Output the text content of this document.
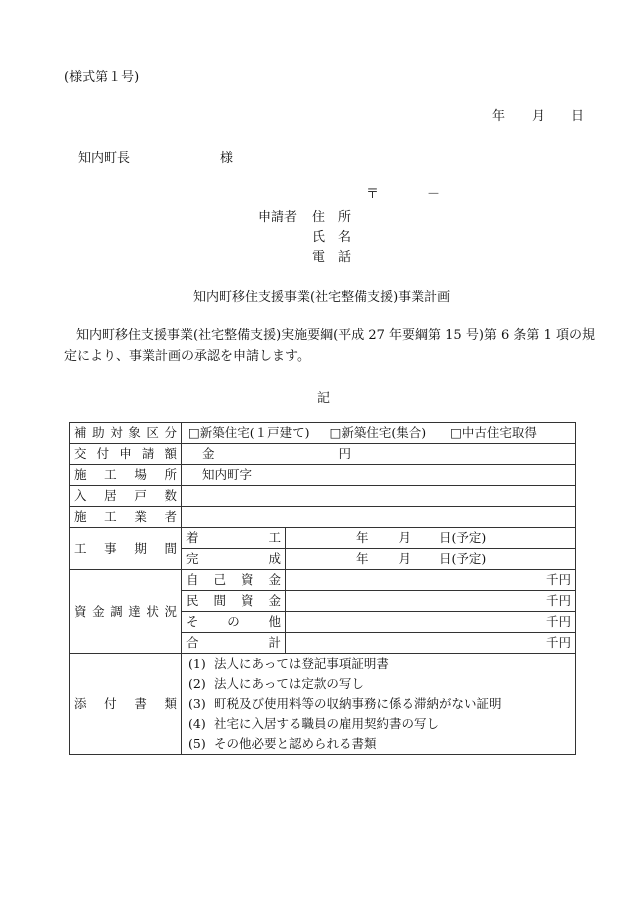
(様式第１号)
年 月 日
知内町長	様
〒	－
申請者 住　所
氏　名
電　話
知内町移住支援事業(社宅整備支援)事業計画
知内町移住支援事業(社宅整備支援)実施要綱(平成 27 年要綱第 15 号)第 6 条第 1 項の規
定により、事業計画の承認を申請します。
記
補助対象区分	□新築住宅(１戸建て) □新築住宅(集合) □中古住宅取得	
交付申請額	金 円	
施工場所	知内町字	
入居戸数		
施工業者		
工事期間	着工	年 月 日(予定)
	完成	年 月 日(予定)
資金調達状況	自己資金	千円
	民間資金	千円
	そ　の　他	千円
	合　計	千円
添付書類	(1) 法人にあっては登記事項証明書
(2) 法人にあっては定款の写し
(3) 町税及び使用料等の収納事務に係る滞納がない証明
(4) 社宅に入居する職員の雇用契約書の写し
(5) その他必要と認められる書類	
